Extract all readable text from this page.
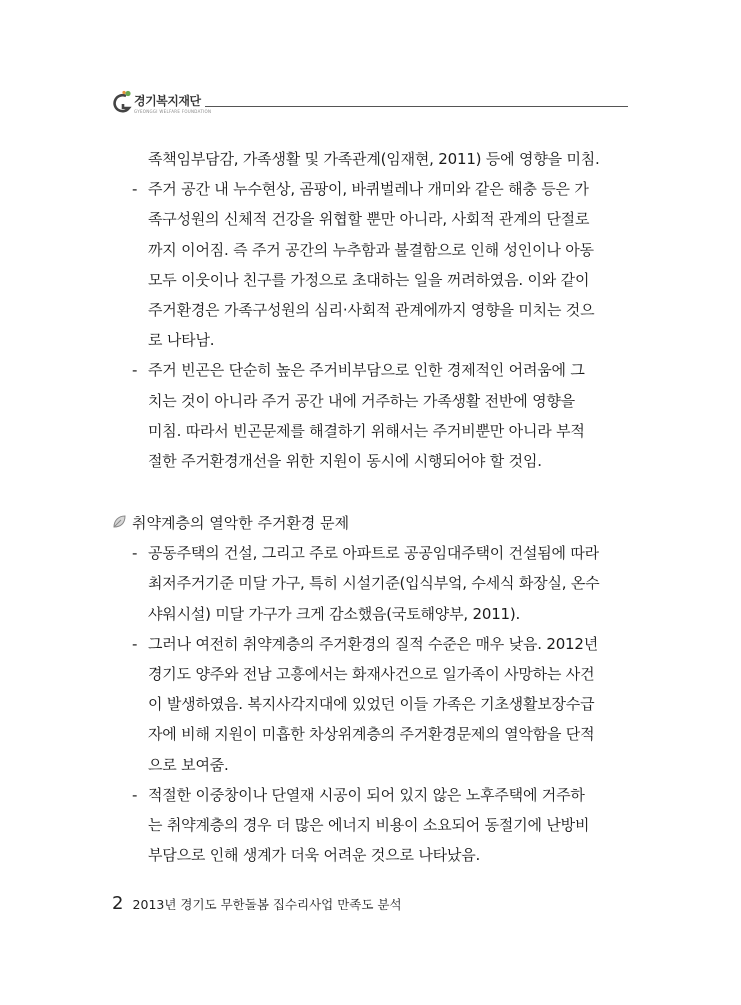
경기복지재단
GYEONGGI WELFARE FOUNDATION
족책임부담감, 가족생활 및 가족관계(임재현, 2011) 등에 영향을 미침.
- 주거 공간 내 누수현상, 곰팡이, 바퀴벌레나 개미와 같은 해충 등은 가
족구성원의 신체적 건강을 위협할 뿐만 아니라, 사회적 관계의 단절로
까지 이어짐. 즉 주거 공간의 누추함과 불결함으로 인해 성인이나 아동
모두 이웃이나 친구를 가정으로 초대하는 일을 꺼려하였음. 이와 같이
주거환경은 가족구성원의 심리·사회적 관계에까지 영향을 미치는 것으
로 나타남.
- 주거 빈곤은 단순히 높은 주거비부담으로 인한 경제적인 어려움에 그
치는 것이 아니라 주거 공간 내에 거주하는 가족생활 전반에 영향을
미침. 따라서 빈곤문제를 해결하기 위해서는 주거비뿐만 아니라 부적
절한 주거환경개선을 위한 지원이 동시에 시행되어야 할 것임.
취약계층의 열악한 주거환경 문제
- 공동주택의 건설, 그리고 주로 아파트로 공공임대주택이 건설됨에 따라
최저주거기준 미달 가구, 특히 시설기준(입식부엌, 수세식 화장실, 온수
샤워시설) 미달 가구가 크게 감소했음(국토해양부, 2011).
- 그러나 여전히 취약계층의 주거환경의 질적 수준은 매우 낮음. 2012년
경기도 양주와 전남 고흥에서는 화재사건으로 일가족이 사망하는 사건
이 발생하였음. 복지사각지대에 있었던 이들 가족은 기초생활보장수급
자에 비해 지원이 미흡한 차상위계층의 주거환경문제의 열악함을 단적
으로 보여줌.
- 적절한 이중창이나 단열재 시공이 되어 있지 않은 노후주택에 거주하
는 취약계층의 경우 더 많은 에너지 비용이 소요되어 동절기에 난방비
부담으로 인해 생계가 더욱 어려운 것으로 나타났음.
2 2013년 경기도 무한돌봄 집수리사업 만족도 분석
